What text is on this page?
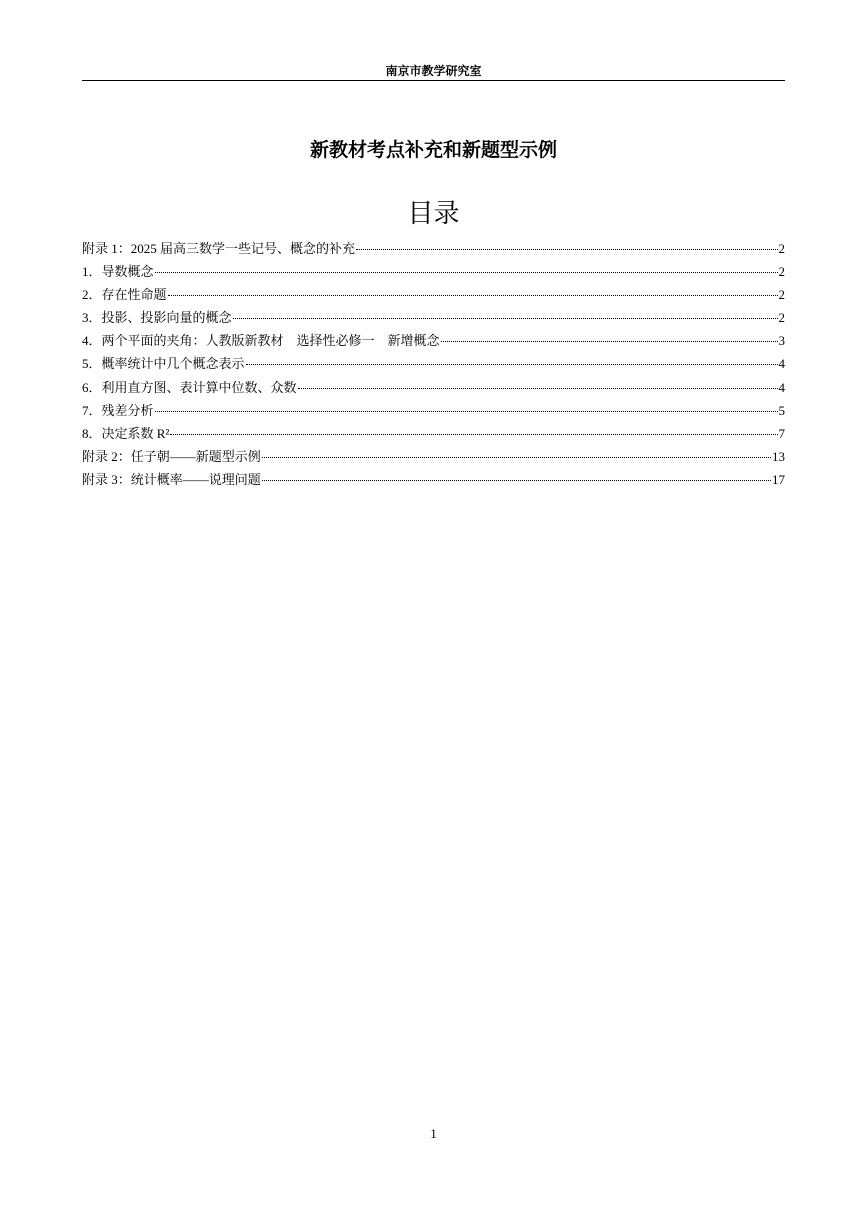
南京市教学研究室
新教材考点补充和新题型示例
目录
附录 1：2025 届高三数学一些记号、概念的补充	2
1．导数概念	2
2．存在性命题	2
3．投影、投影向量的概念	2
4．两个平面的夹角：人教版新教材　选择性必修一　新增概念	3
5．概率统计中几个概念表示	4
6．利用直方图、表计算中位数、众数	4
7．残差分析	5
8．决定系数 R²	7
附录 2：任子朝——新题型示例	13
附录 3：统计概率——说理问题	17
1
